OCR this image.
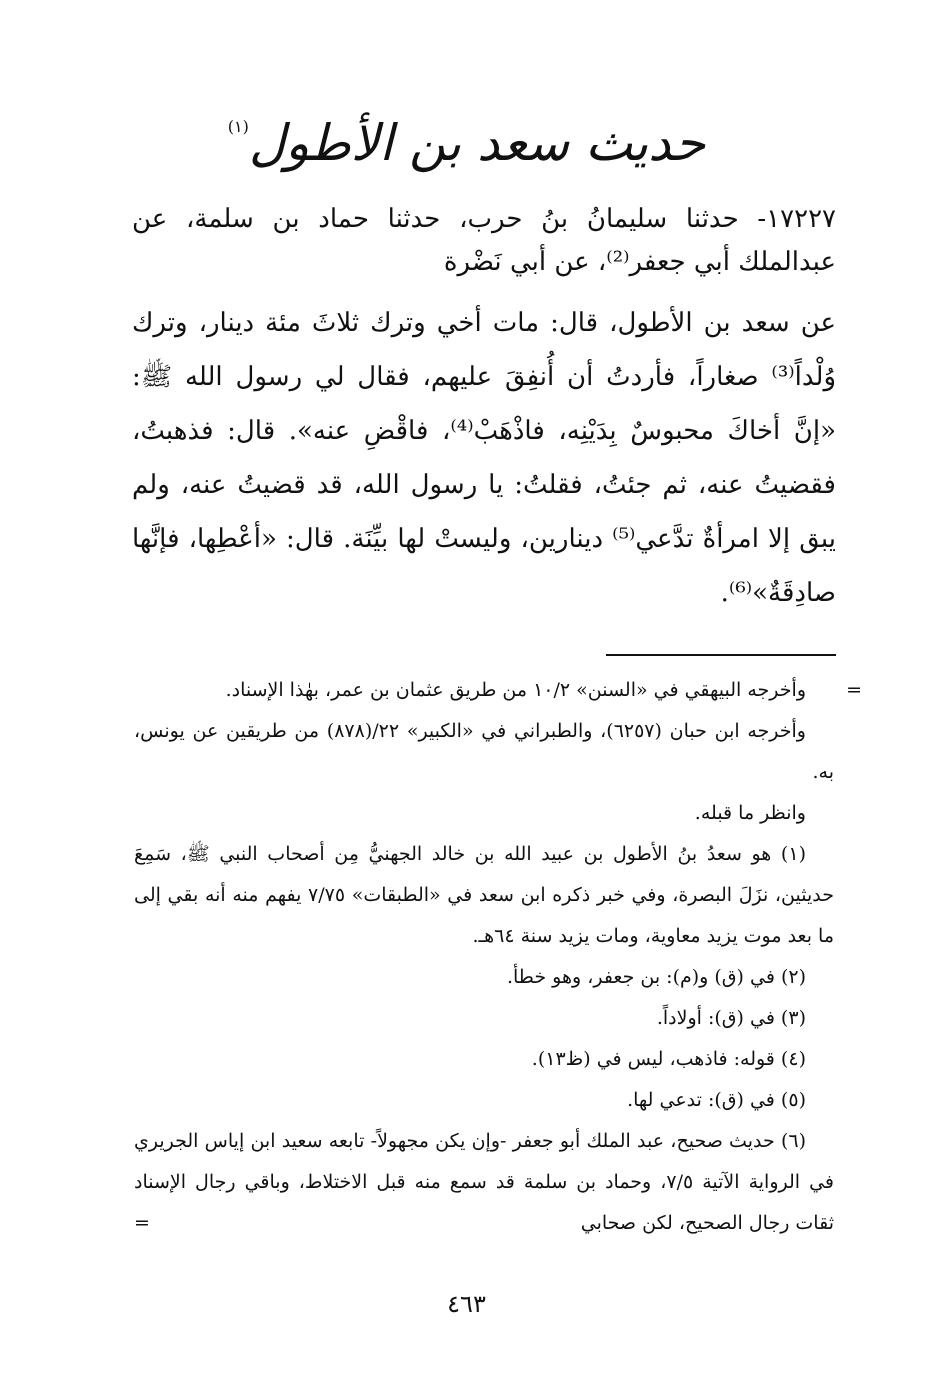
حديث سعد بن الأطول$^{(١)}$
١٧٢٢٧- حدثنا سليمانُ بنُ حرب، حدثنا حماد بن سلمة، عن عبدالملك أبي جعفر⁽²⁾، عن أبي نَضْرة
عن سعد بن الأطول، قال: مات أخي وترك ثلاثَ مئة دينار، وترك وُلْداً⁽³⁾ صغاراً، فأردتُ أن أُنفِقَ عليهم، فقال لي رسول الله ﷺ: «إنَّ أخاكَ محبوسٌ بِدَيْنِه، فاذْهَبْ⁽⁴⁾، فاقْضِ عنه». قال: فذهبتُ، فقضيتُ عنه، ثم جئتُ، فقلتُ: يا رسول الله، قد قضيتُ عنه، ولم يبق إلا امرأةٌ تدَّعي⁽⁵⁾ دينارين، وليستْ لها بيِّنَة. قال: «أعْطِها، فإنَّها صادِقَةٌ»⁽⁶⁾.

=
وأخرجه البيهقي في «السنن» ١٠/٢ من طريق عثمان بن عمر، بهٰذا الإسناد.

وأخرجه ابن حبان (٦٢٥٧)، والطبراني في «الكبير» ٢٢/(٨٧٨) من طريقين عن يونس، به.

وانظر ما قبله.

(١) هو سعدُ بنُ الأطول بن عبيد الله بن خالد الجهنيُّ مِن أصحاب النبي ﷺ، سَمِعَ حديثين، نزَلَ البصرة، وفي خبر ذكره ابن سعد في «الطبقات» ٧/٧٥ يفهم منه أنه بقي إلى ما بعد موت يزيد معاوية، ومات يزيد سنة ٦٤هـ.

(٢) في (ق) و(م): بن جعفر، وهو خطأ.

(٣) في (ق): أولاداً.

(٤) قوله: فاذهب، ليس في (ظ١٣).

(٥) في (ق): تدعي لها.

(٦) حديث صحيح، عبد الملك أبو جعفر -وإن يكن مجهولاً- تابعه سعيد ابن إياس الجريري في الرواية الآتية ٧/٥، وحماد بن سلمة قد سمع منه قبل الاختلاط، وباقي رجال الإسناد ثقات رجال الصحيح، لكن صحابي
=

٤٦٣
